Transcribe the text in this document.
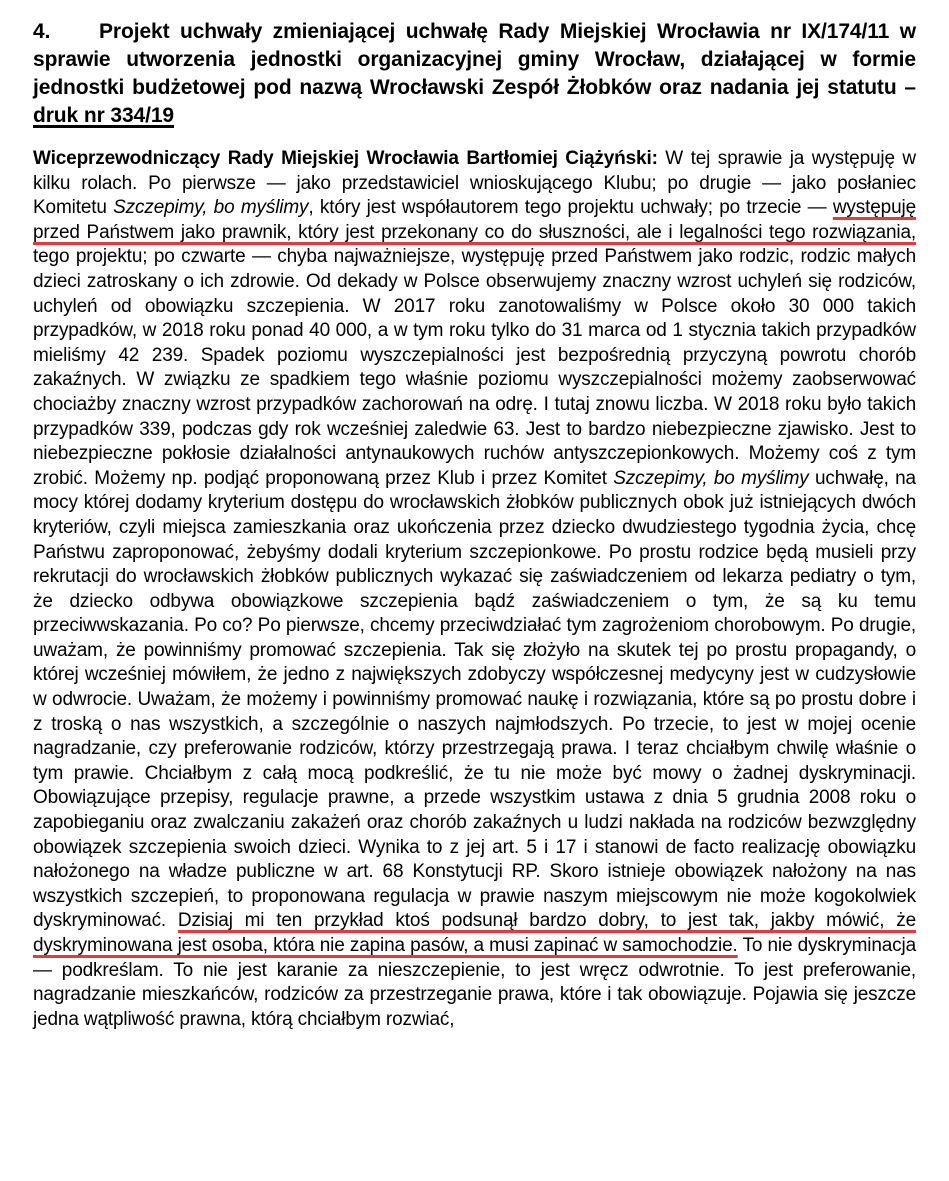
4. Projekt uchwały zmieniającej uchwałę Rady Miejskiej Wrocławia nr IX/174/11 w sprawie utworzenia jednostki organizacyjnej gminy Wrocław, działającej w formie jednostki budżetowej pod nazwą Wrocławski Zespół Żłobków oraz nadania jej statutu – druk nr 334/19

Wiceprzewodniczący Rady Miejskiej Wrocławia Bartłomiej Ciążyński: W tej sprawie ja występuję w kilku rolach. Po pierwsze — jako przedstawiciel wnioskującego Klubu; po drugie — jako posłaniec Komitetu Szczepimy, bo myślimy, który jest współautorem tego projektu uchwały; po trzecie — występuję przed Państwem jako prawnik, który jest przekonany co do słuszności, ale i legalności tego rozwiązania, tego projektu; po czwarte — chyba najważniejsze, występuję przed Państwem jako rodzic, rodzic małych dzieci zatroskany o ich zdrowie. Od dekady w Polsce obserwujemy znaczny wzrost uchyleń się rodziców, uchyleń od obowiązku szczepienia. W 2017 roku zanotowaliśmy w Polsce około 30 000 takich przypadków, w 2018 roku ponad 40 000, a w tym roku tylko do 31 marca od 1 stycznia takich przypadków mieliśmy 42 239. Spadek poziomu wyszczepialności jest bezpośrednią przyczyną powrotu chorób zakaźnych. W związku ze spadkiem tego właśnie poziomu wyszczepialności możemy zaobserwować chociażby znaczny wzrost przypadków zachorowań na odrę. I tutaj znowu liczba. W 2018 roku było takich przypadków 339, podczas gdy rok wcześniej zaledwie 63. Jest to bardzo niebezpieczne zjawisko. Jest to niebezpieczne pokłosie działalności antynaukowych ruchów antyszczepionkowych. Możemy coś z tym zrobić. Możemy np. podjąć proponowaną przez Klub i przez Komitet Szczepimy, bo myślimy uchwałę, na mocy której dodamy kryterium dostępu do wrocławskich żłobków publicznych obok już istniejących dwóch kryteriów, czyli miejsca zamieszkania oraz ukończenia przez dziecko dwudziestego tygodnia życia, chcę Państwu zaproponować, żebyśmy dodali kryterium szczepionkowe. Po prostu rodzice będą musieli przy rekrutacji do wrocławskich żłobków publicznych wykazać się zaświadczeniem od lekarza pediatry o tym, że dziecko odbywa obowiązkowe szczepienia bądź zaświadczeniem o tym, że są ku temu przeciwwskazania. Po co? Po pierwsze, chcemy przeciwdziałać tym zagrożeniom chorobowym. Po drugie, uważam, że powinniśmy promować szczepienia. Tak się złożyło na skutek tej po prostu propagandy, o której wcześniej mówiłem, że jedno z największych zdobyczy współczesnej medycyny jest w cudzysłowie w odwrocie. Uważam, że możemy i powinniśmy promować naukę i rozwiązania, które są po prostu dobre i z troską o nas wszystkich, a szczególnie o naszych najmłodszych. Po trzecie, to jest w mojej ocenie nagradzanie, czy preferowanie rodziców, którzy przestrzegają prawa. I teraz chciałbym chwilę właśnie o tym prawie. Chciałbym z całą mocą podkreślić, że tu nie może być mowy o żadnej dyskryminacji. Obowiązujące przepisy, regulacje prawne, a przede wszystkim ustawa z dnia 5 grudnia 2008 roku o zapobieganiu oraz zwalczaniu zakażeń oraz chorób zakaźnych u ludzi nakłada na rodziców bezwzględny obowiązek szczepienia swoich dzieci. Wynika to z jej art. 5 i 17 i stanowi de facto realizację obowiązku nałożonego na władze publiczne w art. 68 Konstytucji RP. Skoro istnieje obowiązek nałożony na nas wszystkich szczepień, to proponowana regulacja w prawie naszym miejscowym nie może kogokolwiek dyskryminować. Dzisiaj mi ten przykład ktoś podsunął bardzo dobry, to jest tak, jakby mówić, że dyskryminowana jest osoba, która nie zapina pasów, a musi zapinać w samochodzie. To nie dyskryminacja — podkreślam. To nie jest karanie za nieszczepienie, to jest wręcz odwrotnie. To jest preferowanie, nagradzanie mieszkańców, rodziców za przestrzeganie prawa, które i tak obowiązuje. Pojawia się jeszcze jedna wątpliwość prawna, którą chciałbym rozwiać,
